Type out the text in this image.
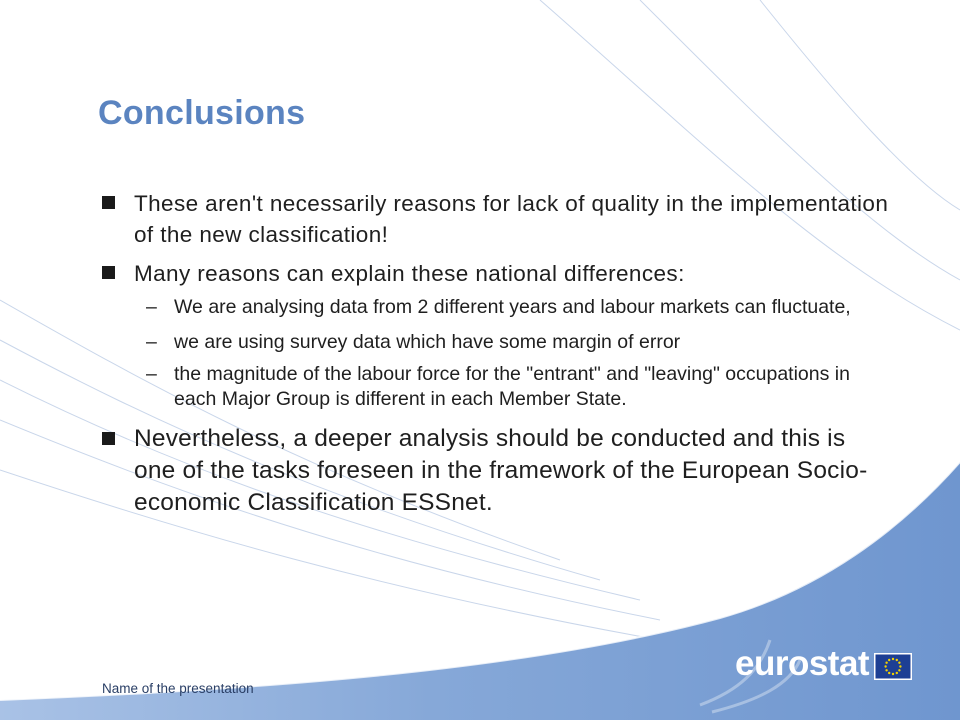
Conclusions
These aren't necessarily reasons for lack of quality in the implementation of the new classification!
Many reasons can explain these national differences:
– We are analysing data from 2 different years and labour markets can fluctuate,
– we are using survey data which have some margin of error
– the magnitude of the labour force for the "entrant" and "leaving" occupations in each Major Group is different in each Member State.
Nevertheless, a deeper analysis should be conducted and this is one of the tasks foreseen in the framework of the European Socio-economic Classification ESSnet.
Name of the presentation
eurostat
